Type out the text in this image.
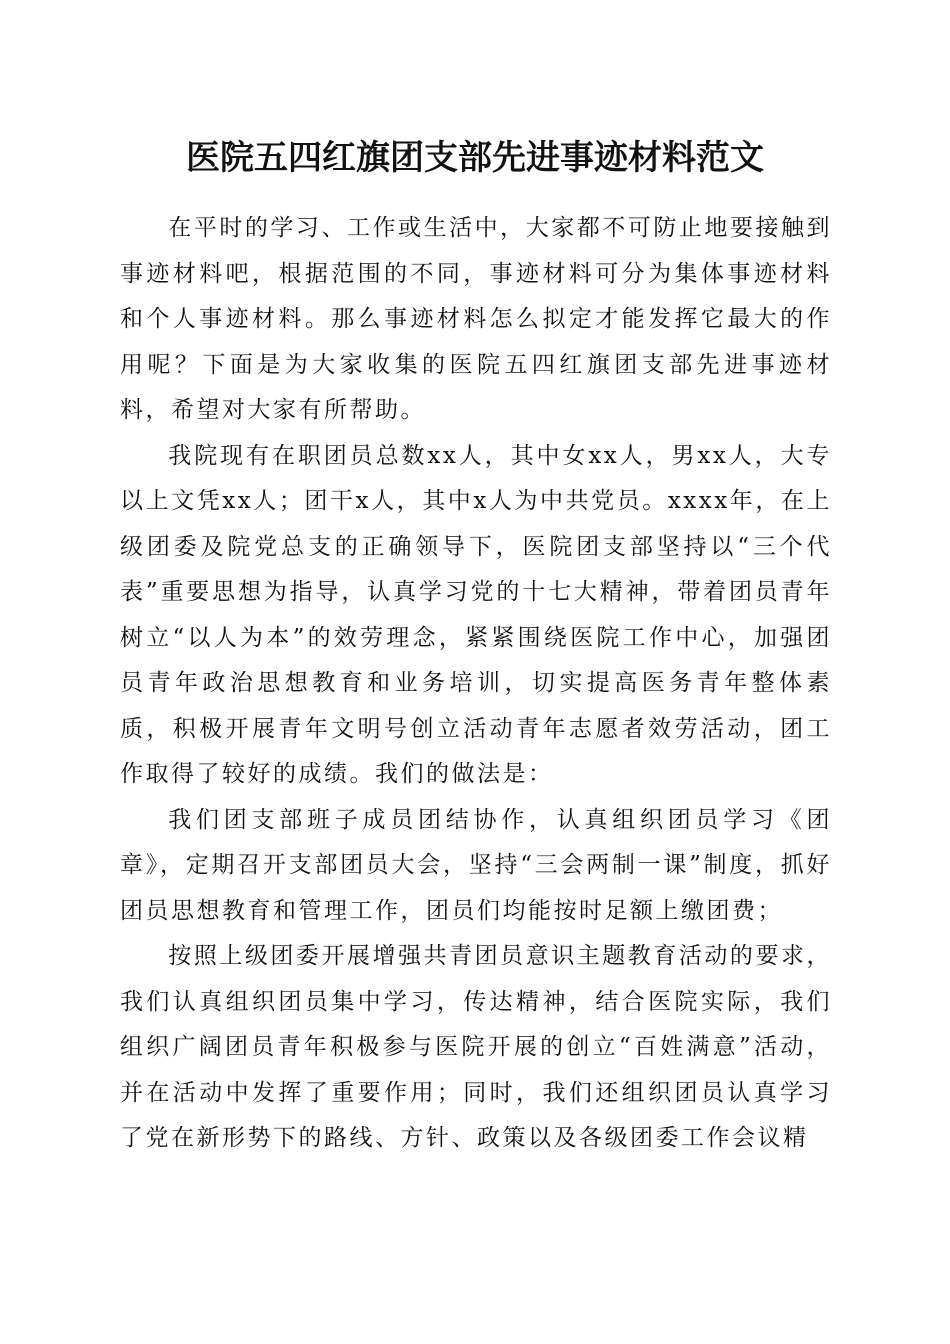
医院五四红旗团支部先进事迹材料范文

在平时的学习、工作或生活中，大家都不可防止地要接触到事迹材料吧，根据范围的不同，事迹材料可分为集体事迹材料和个人事迹材料。那么事迹材料怎么拟定才能发挥它最大的作用呢？下面是为大家收集的医院五四红旗团支部先进事迹材料，希望对大家有所帮助。

我院现有在职团员总数xx人，其中女xx人，男xx人，大专以上文凭xx人；团干x人，其中x人为中共党员。xxxx年，在上级团委及院党总支的正确领导下，医院团支部坚持以“三个代表”重要思想为指导，认真学习党的十七大精神，带着团员青年树立“以人为本”的效劳理念，紧紧围绕医院工作中心，加强团员青年政治思想教育和业务培训，切实提高医务青年整体素质，积极开展青年文明号创立活动青年志愿者效劳活动，团工作取得了较好的成绩。我们的做法是：

我们团支部班子成员团结协作，认真组织团员学习《团章》，定期召开支部团员大会，坚持“三会两制一课”制度，抓好团员思想教育和管理工作，团员们均能按时足额上缴团费；

按照上级团委开展增强共青团员意识主题教育活动的要求，我们认真组织团员集中学习，传达精神，结合医院实际，我们组织广阔团员青年积极参与医院开展的创立“百姓满意”活动，并在活动中发挥了重要作用；同时，我们还组织团员认真学习了党在新形势下的路线、方针、政策以及各级团委工作会议精
